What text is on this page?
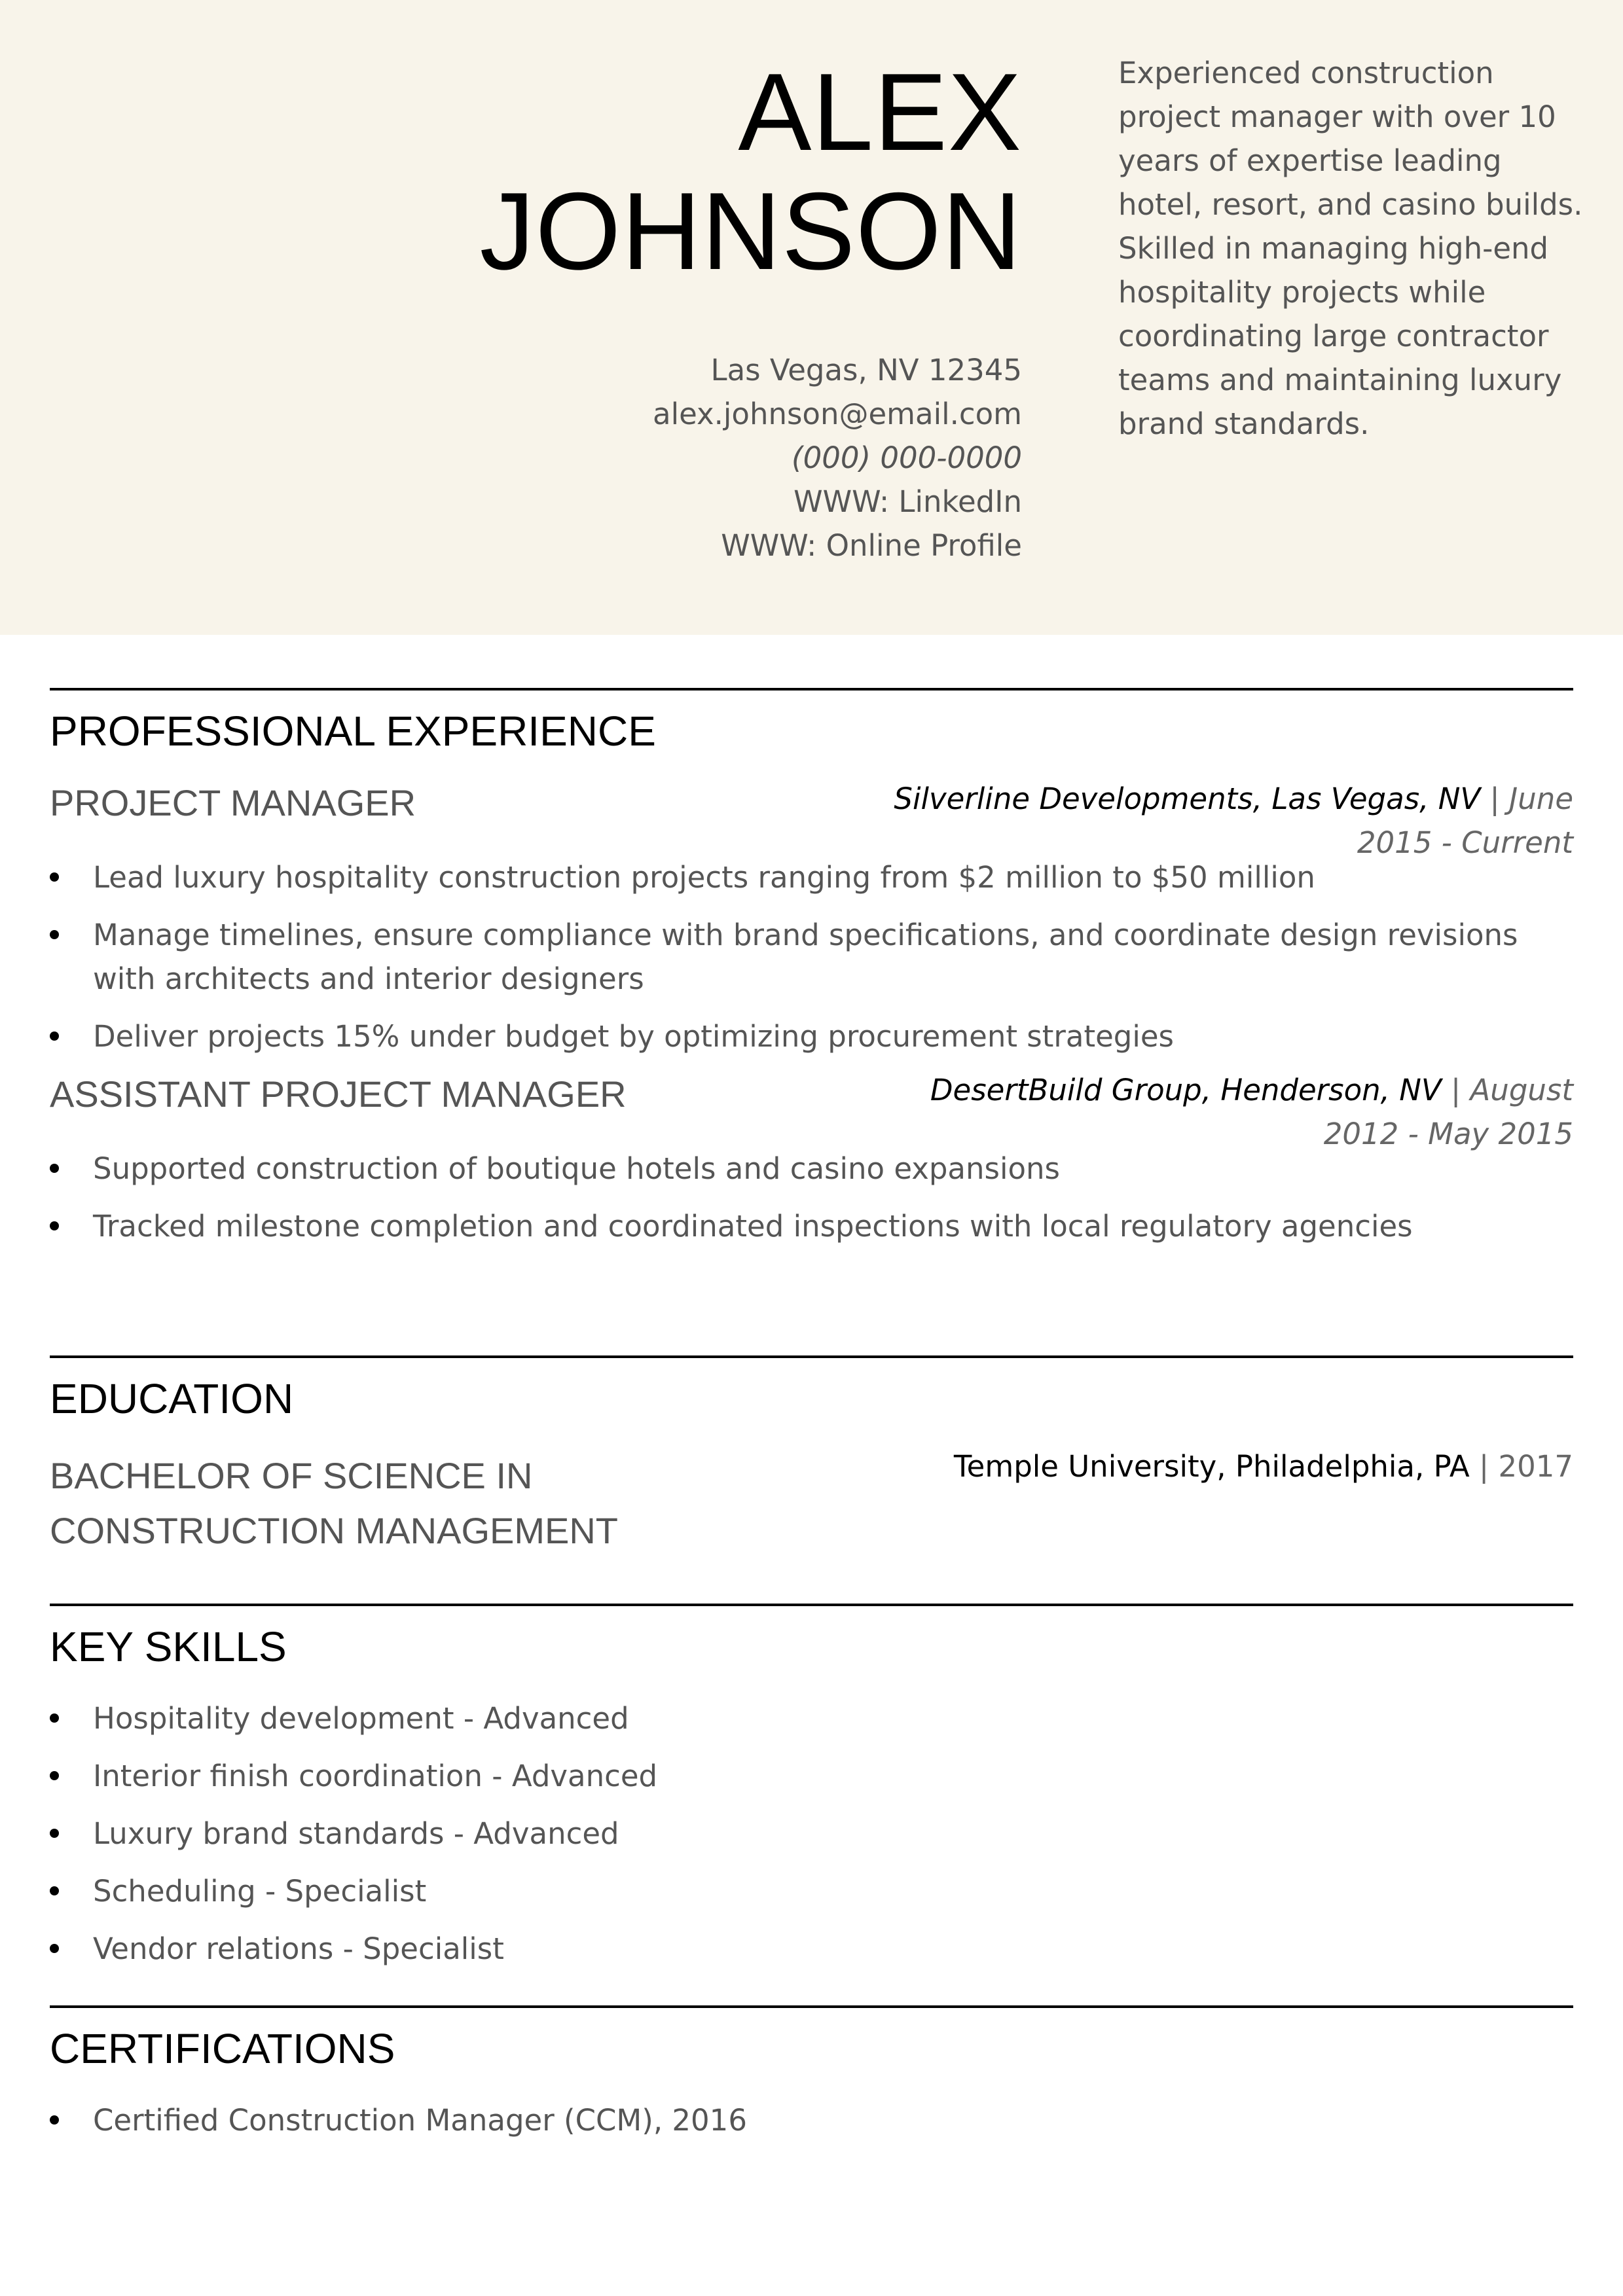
ALEX
JOHNSON
Las Vegas, NV 12345
alex.johnson@email.com
(000) 000-0000
WWW: LinkedIn
WWW: Online Profile
Experienced construction project manager with over 10 years of expertise leading hotel, resort, and casino builds. Skilled in managing high-end hospitality projects while coordinating large contractor teams and maintaining luxury brand standards.
PROFESSIONAL EXPERIENCE
PROJECT MANAGER	Silverline Developments, Las Vegas, NV | June 2015 - Current
Lead luxury hospitality construction projects ranging from $2 million to $50 million
Manage timelines, ensure compliance with brand specifications, and coordinate design revisions with architects and interior designers
Deliver projects 15% under budget by optimizing procurement strategies
ASSISTANT PROJECT MANAGER	DesertBuild Group, Henderson, NV | August 2012 - May 2015
Supported construction of boutique hotels and casino expansions
Tracked milestone completion and coordinated inspections with local regulatory agencies
EDUCATION
BACHELOR OF SCIENCE IN CONSTRUCTION MANAGEMENT
Temple University, Philadelphia, PA | 2017
KEY SKILLS
Hospitality development - Advanced
Interior finish coordination - Advanced
Luxury brand standards - Advanced
Scheduling - Specialist
Vendor relations - Specialist
CERTIFICATIONS
Certified Construction Manager (CCM), 2016
